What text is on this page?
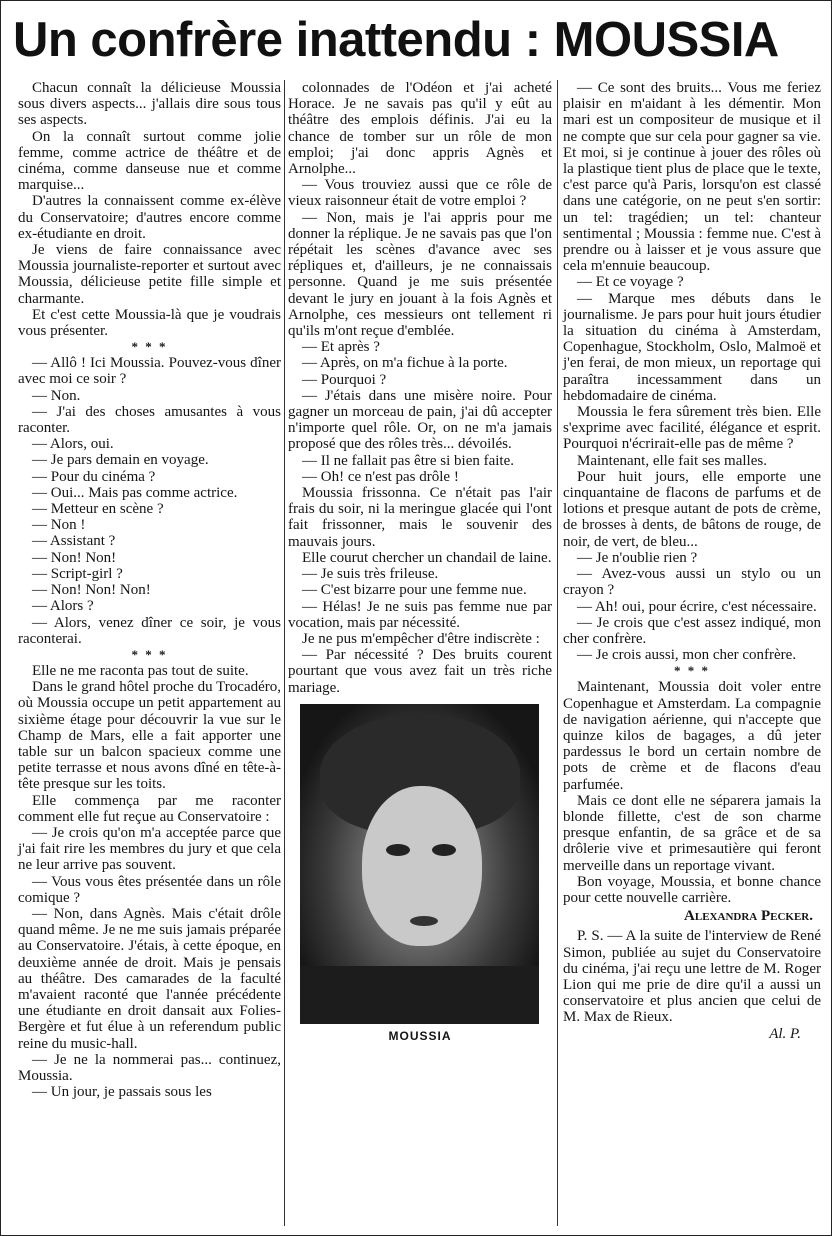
Un confrère inattendu : MOUSSIA

Chacun connaît la délicieuse Moussia sous divers aspects... j'allais dire sous tous ses aspects.

On la connaît surtout comme jolie femme, comme actrice de théâtre et de cinéma, comme danseuse nue et comme marquise...

D'autres la connaissent comme ex-élève du Conservatoire; d'autres encore comme ex-étudiante en droit.

Je viens de faire connaissance avec Moussia journaliste-reporter et surtout avec Moussia, délicieuse petite fille simple et charmante.

Et c'est cette Moussia-là que je voudrais vous présenter.

* * *

— Allô ! Ici Moussia. Pouvez-vous dîner avec moi ce soir ?

— Non.

— J'ai des choses amusantes à vous raconter.

— Alors, oui.

— Je pars demain en voyage.

— Pour du cinéma ?

— Oui... Mais pas comme actrice.

— Metteur en scène ?

— Non !

— Assistant ?

— Non! Non!

— Script-girl ?

— Non! Non! Non!

— Alors ?

— Alors, venez dîner ce soir, je vous raconterai.

* * *

Elle ne me raconta pas tout de suite.

Dans le grand hôtel proche du Trocadéro, où Moussia occupe un petit appartement au sixième étage pour découvrir la vue sur le Champ de Mars, elle a fait apporter une table sur un balcon spacieux comme une petite terrasse et nous avons dîné en tête-à-tête presque sur les toits.

Elle commença par me raconter comment elle fut reçue au Conservatoire :

— Je crois qu'on m'a acceptée parce que j'ai fait rire les membres du jury et que cela ne leur arrive pas souvent.

— Vous vous êtes présentée dans un rôle comique ?

— Non, dans Agnès. Mais c'était drôle quand même. Je ne me suis jamais préparée au Conservatoire. J'étais, à cette époque, en deuxième année de droit. Mais je pensais au théâtre. Des camarades de la faculté m'avaient raconté que l'année précédente une étudiante en droit dansait aux Folies-Bergère et fut élue à un referendum public reine du music-hall.

— Je ne la nommerai pas... continuez, Moussia.

— Un jour, je passais sous les

colonnades de l'Odéon et j'ai acheté Horace. Je ne savais pas qu'il y eût au théâtre des emplois définis. J'ai eu la chance de tomber sur un rôle de mon emploi; j'ai donc appris Agnès et Arnolphe...

— Vous trouviez aussi que ce rôle de vieux raisonneur était de votre emploi ?

— Non, mais je l'ai appris pour me donner la réplique. Je ne savais pas que l'on répétait les scènes d'avance avec ses répliques et, d'ailleurs, je ne connaissais personne. Quand je me suis présentée devant le jury en jouant à la fois Agnès et Arnolphe, ces messieurs ont tellement ri qu'ils m'ont reçue d'emblée.

— Et après ?

— Après, on m'a fichue à la porte.

— Pourquoi ?

— J'étais dans une misère noire. Pour gagner un morceau de pain, j'ai dû accepter n'importe quel rôle. Or, on ne m'a jamais proposé que des rôles très... dévoilés.

— Il ne fallait pas être si bien faite.

— Oh! ce n'est pas drôle !

Moussia frissonna. Ce n'était pas l'air frais du soir, ni la meringue glacée qui l'ont fait frissonner, mais le souvenir des mauvais jours.

Elle courut chercher un chandail de laine.

— Je suis très frileuse.

— C'est bizarre pour une femme nue.

— Hélas! Je ne suis pas femme nue par vocation, mais par nécessité.

Je ne pus m'empêcher d'être indiscrète :

— Par nécessité ? Des bruits courent pourtant que vous avez fait un très riche mariage.

MOUSSIA

— Ce sont des bruits... Vous me feriez plaisir en m'aidant à les démentir. Mon mari est un compositeur de musique et il ne compte que sur cela pour gagner sa vie. Et moi, si je continue à jouer des rôles où la plastique tient plus de place que le texte, c'est parce qu'à Paris, lorsqu'on est classé dans une catégorie, on ne peut s'en sortir: un tel: tragédien; un tel: chanteur sentimental ; Moussia : femme nue. C'est à prendre ou à laisser et je vous assure que cela m'ennuie beaucoup.

— Et ce voyage ?

— Marque mes débuts dans le journalisme. Je pars pour huit jours étudier la situation du cinéma à Amsterdam, Copenhague, Stockholm, Oslo, Malmoë et j'en ferai, de mon mieux, un reportage qui paraîtra incessamment dans un hebdomadaire de cinéma.

Moussia le fera sûrement très bien. Elle s'exprime avec facilité, élégance et esprit. Pourquoi n'écrirait-elle pas de même ?

Maintenant, elle fait ses malles.

Pour huit jours, elle emporte une cinquantaine de flacons de parfums et de lotions et presque autant de pots de crème, de brosses à dents, de bâtons de rouge, de noir, de vert, de bleu...

— Je n'oublie rien ?

— Avez-vous aussi un stylo ou un crayon ?

— Ah! oui, pour écrire, c'est nécessaire.

— Je crois que c'est assez indiqué, mon cher confrère.

— Je crois aussi, mon cher confrère.

* * *

Maintenant, Moussia doit voler entre Copenhague et Amsterdam. La compagnie de navigation aérienne, qui n'accepte que quinze kilos de bagages, a dû jeter pardessus le bord un certain nombre de pots de crème et de flacons d'eau parfumée.

Mais ce dont elle ne séparera jamais la blonde fillette, c'est de son charme presque enfantin, de sa grâce et de sa drôlerie vive et primesautière qui feront merveille dans un reportage vivant.

Bon voyage, Moussia, et bonne chance pour cette nouvelle carrière.

Alexandra Pecker.

P. S. — A la suite de l'interview de René Simon, publiée au sujet du Conservatoire du cinéma, j'ai reçu une lettre de M. Roger Lion qui me prie de dire qu'il a aussi un conservatoire et plus ancien que celui de M. Max de Rieux.

Al. P.
